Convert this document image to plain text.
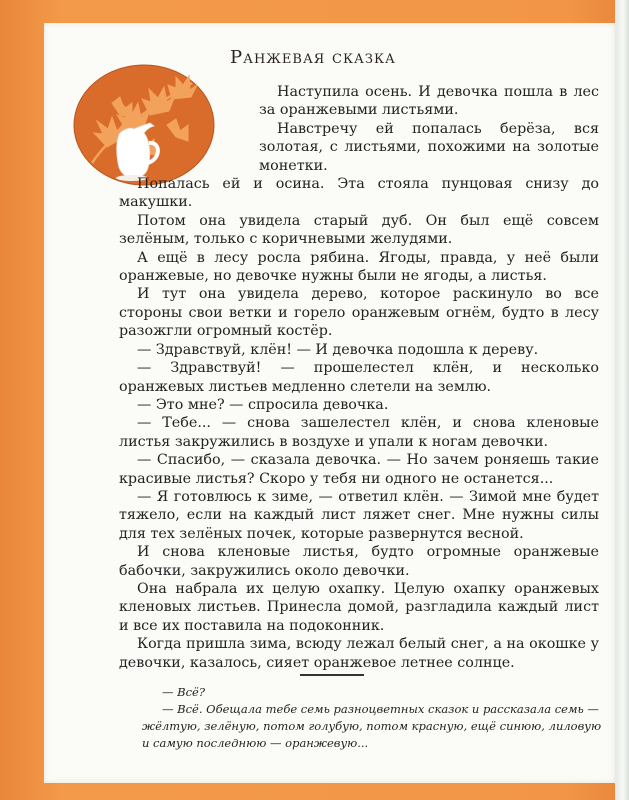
Ранжевая сказка

Наступила осень. И девочка пошла в лес за оранжевыми листьями.

Навстречу ей попалась берёза, вся золотая, с листьями, похожими на золотые монетки.

Попалась ей и осина. Эта стояла пунцовая снизу до макушки.

Потом она увидела старый дуб. Он был ещё совсем зелёным, только с коричневыми желудями.

А ещё в лесу росла рябина. Ягоды, правда, у неё были оранжевые, но девочке нужны были не ягоды, а листья.

И тут она увидела дерево, которое раскинуло во все стороны свои ветки и горело оранжевым огнём, будто в лесу разожгли огромный костёр.

— Здравствуй, клён! — И девочка подошла к дереву.

— Здравствуй! — прошелестел клён, и несколько оранжевых листьев медленно слетели на землю.

— Это мне? — спросила девочка.

— Тебе... — снова зашелестел клён, и снова кленовые листья закружились в воздухе и упали к ногам девочки.

— Спасибо, — сказала девочка. — Но зачем роняешь такие красивые листья? Скоро у тебя ни одного не останется...

— Я готовлюсь к зиме, — ответил клён. — Зимой мне будет тяжело, если на каждый лист ляжет снег. Мне нужны силы для тех зелёных почек, которые развернутся весной.

И снова кленовые листья, будто огромные оранжевые бабочки, закружились около девочки.

Она набрала их целую охапку. Целую охапку оранжевых кленовых листьев. Принесла домой, разгладила каждый лист и все их поставила на подоконник.

Когда пришла зима, всюду лежал белый снег, а на окошке у девочки, казалось, сияет оранжевое летнее солнце.

— Всё?

— Всё. Обещала тебе семь разноцветных сказок и рассказала семь — жёлтую, зелёную, потом голубую, потом красную, ещё синюю, лиловую и самую последнюю — оранжевую...
